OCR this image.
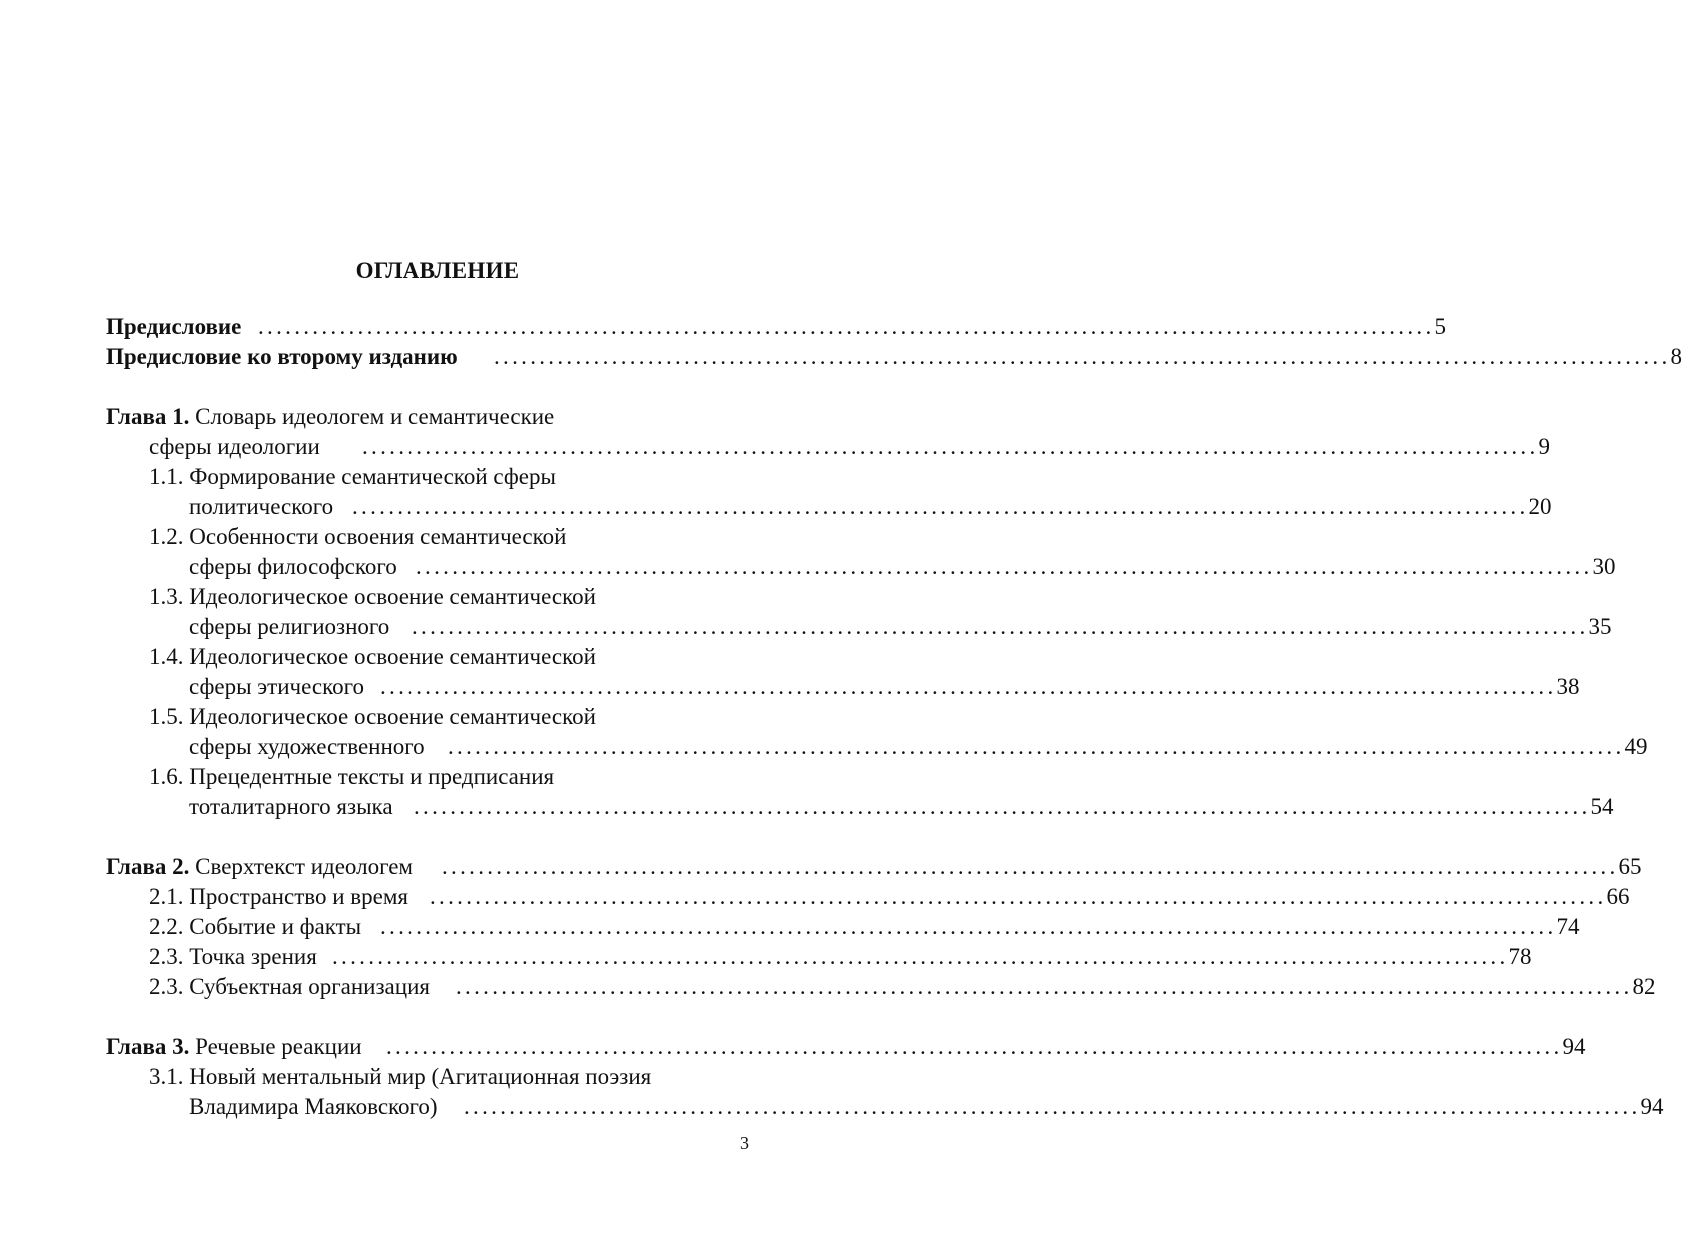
ОГЛАВЛЕНИЕ
Предисловие ..................................................................................................................................5
Предисловие ко второму изданию ..................................................................................................................................8
Глава 1. Словарь идеологем и семантические
сферы идеологии ..................................................................................................................................9
1.1. Формирование семантической сферы
политического ..................................................................................................................................20
1.2. Особенности освоения семантической
сферы философского ..................................................................................................................................30
1.3. Идеологическое освоение семантической
сферы религиозного ..................................................................................................................................35
1.4. Идеологическое освоение семантической
сферы этического ..................................................................................................................................38
1.5. Идеологическое освоение семантической
сферы художественного ..................................................................................................................................49
1.6. Прецедентные тексты и предписания
тоталитарного языка ..................................................................................................................................54
Глава 2. Сверхтекст идеологем ..................................................................................................................................65
2.1. Пространство и время ..................................................................................................................................66
2.2. Событие и факты ..................................................................................................................................74
2.3. Точка зрения ..................................................................................................................................78
2.3. Субъектная организация ..................................................................................................................................82
Глава 3. Речевые реакции ..................................................................................................................................94
3.1. Новый ментальный мир (Агитационная поэзия
Владимира Маяковского) ..................................................................................................................................94
3
